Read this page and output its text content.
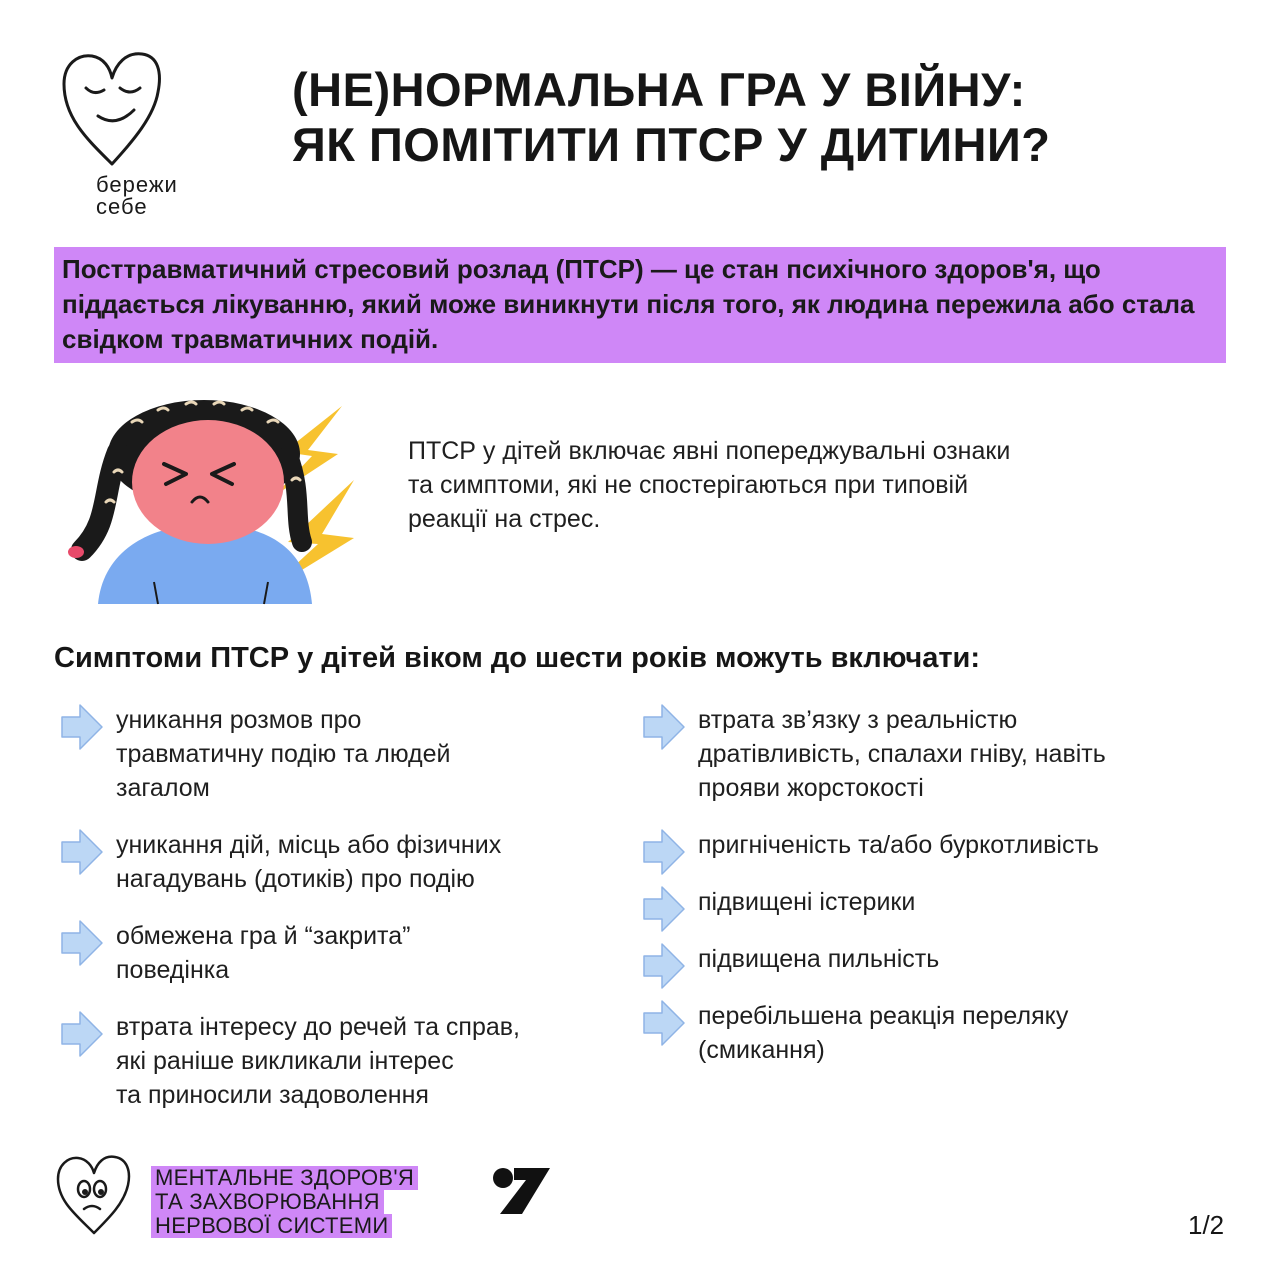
бережи
себе
(НЕ)НОРМАЛЬНА ГРА У ВІЙНУ:
ЯК ПОМІТИТИ ПТСР У ДИТИНИ?
Посттравматичний стресовий розлад (ПТСР) — це стан психічного здоров'я, що піддається лікуванню, який може виникнути після того, як людина пережила або стала свідком травматичних подій.
ПТСР у дітей включає явні попереджувальні ознаки
та симптоми, які не спостерігаються при типовій
реакції на стрес.
Симптоми ПТСР у дітей віком до шести років можуть включати:
уникання розмов про
травматичну подію та людей
загалом
уникання дій, місць або фізичних
нагадувань (дотиків) про подію
обмежена гра й “закрита”
поведінка
втрата інтересу до речей та справ,
які раніше викликали інтерес
та приносили задоволення
втрата зв’язку з реальністю
дратівливість, спалахи гніву, навіть
прояви жорстокості
пригніченість та/або буркотливість
підвищені істерики
підвищена пильність
перебільшена реакція переляку
(смикання)
МЕНТАЛЬНЕ ЗДОРОВ'Я
ТА ЗАХВОРЮВАННЯ
НЕРВОВОЇ СИСТЕМИ	1/2
